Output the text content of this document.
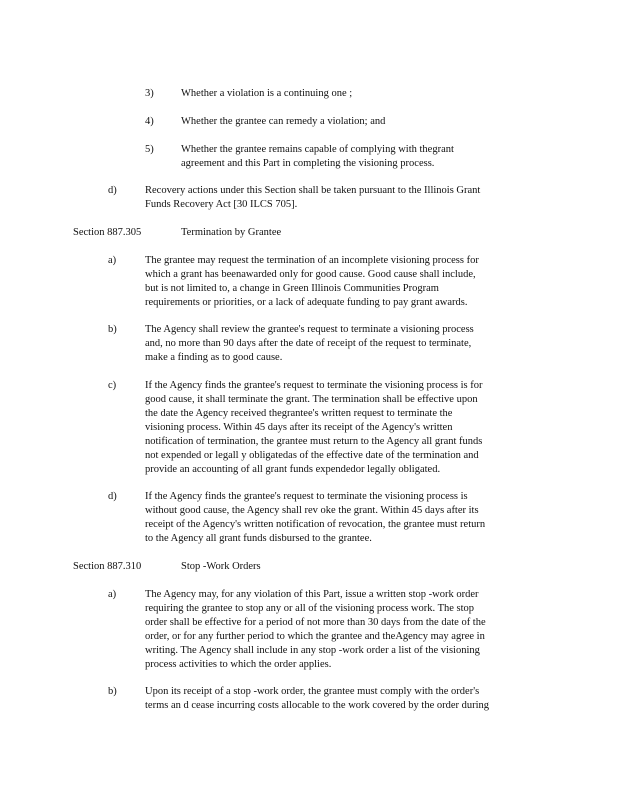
3)	Whether a violation is a continuing one ;
4)	Whether the grantee can remedy a violation; and
5)	Whether the grantee remains capable of complying with thegrant
agreement and this Part in completing the visioning process.
d)	Recovery actions under this Section shall be taken pursuant to the Illinois Grant
Funds Recovery Act [30 ILCS 705].
Section 887.305	Termination by Grantee
a)	The grantee may request the termination of an incomplete visioning process for
which a grant has beenawarded only for good cause. Good cause shall include,
but is not limited to, a change in Green Illinois Communities Program
requirements or priorities, or a lack of adequate funding to pay grant awards.
b)	The Agency shall review the grantee's request to terminate a visioning process
and, no more than 90 days after the date of receipt of the request to terminate,
make a finding as to good cause.
c)	If the Agency finds the grantee's request to terminate the visioning process is for
good cause, it shall terminate the grant. The termination shall be effective upon
the date the Agency received thegrantee's written request to terminate the
visioning process. Within 45 days after its receipt of the Agency's written
notification of termination, the grantee must return to the Agency all grant funds
not expended or legall y obligatedas of the effective date of the termination and
provide an accounting of all grant funds expendedor legally obligated.
d)	If the Agency finds the grantee's request to terminate the visioning process is
without good cause, the Agency shall rev oke the grant. Within 45 days after its
receipt of the Agency's written notification of revocation, the grantee must return
to the Agency all grant funds disbursed to the grantee.
Section 887.310	Stop -Work Orders
a)	The Agency may, for any violation of this Part, issue a written stop -work order
requiring the grantee to stop any or all of the visioning process work. The stop
order shall be effective for a period of not more than 30 days from the date of the
order, or for any further period to which the grantee and theAgency may agree in
writing. The Agency shall include in any stop -work order a list of the visioning
process activities to which the order applies.
b)	Upon its receipt of a stop -work order, the grantee must comply with the order's
terms an d cease incurring costs allocable to the work covered by the order during
